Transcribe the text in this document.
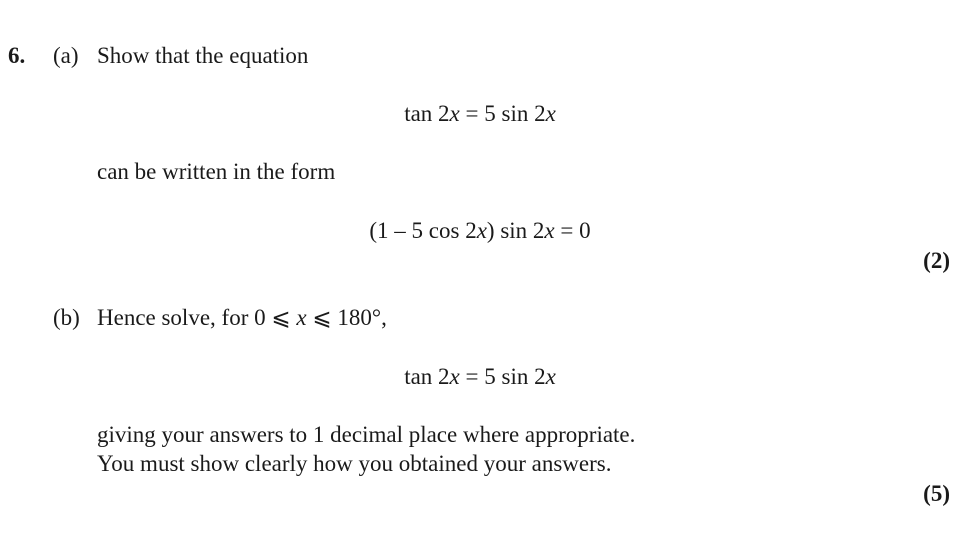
6. (a) Show that the equation
tan 2x = 5 sin 2x
can be written in the form
(1 – 5 cos 2x) sin 2x = 0
(2)
(b) Hence solve, for 0 ⩽ x ⩽ 180°,
tan 2x = 5 sin 2x
giving your answers to 1 decimal place where appropriate.
You must show clearly how you obtained your answers.
(5)
